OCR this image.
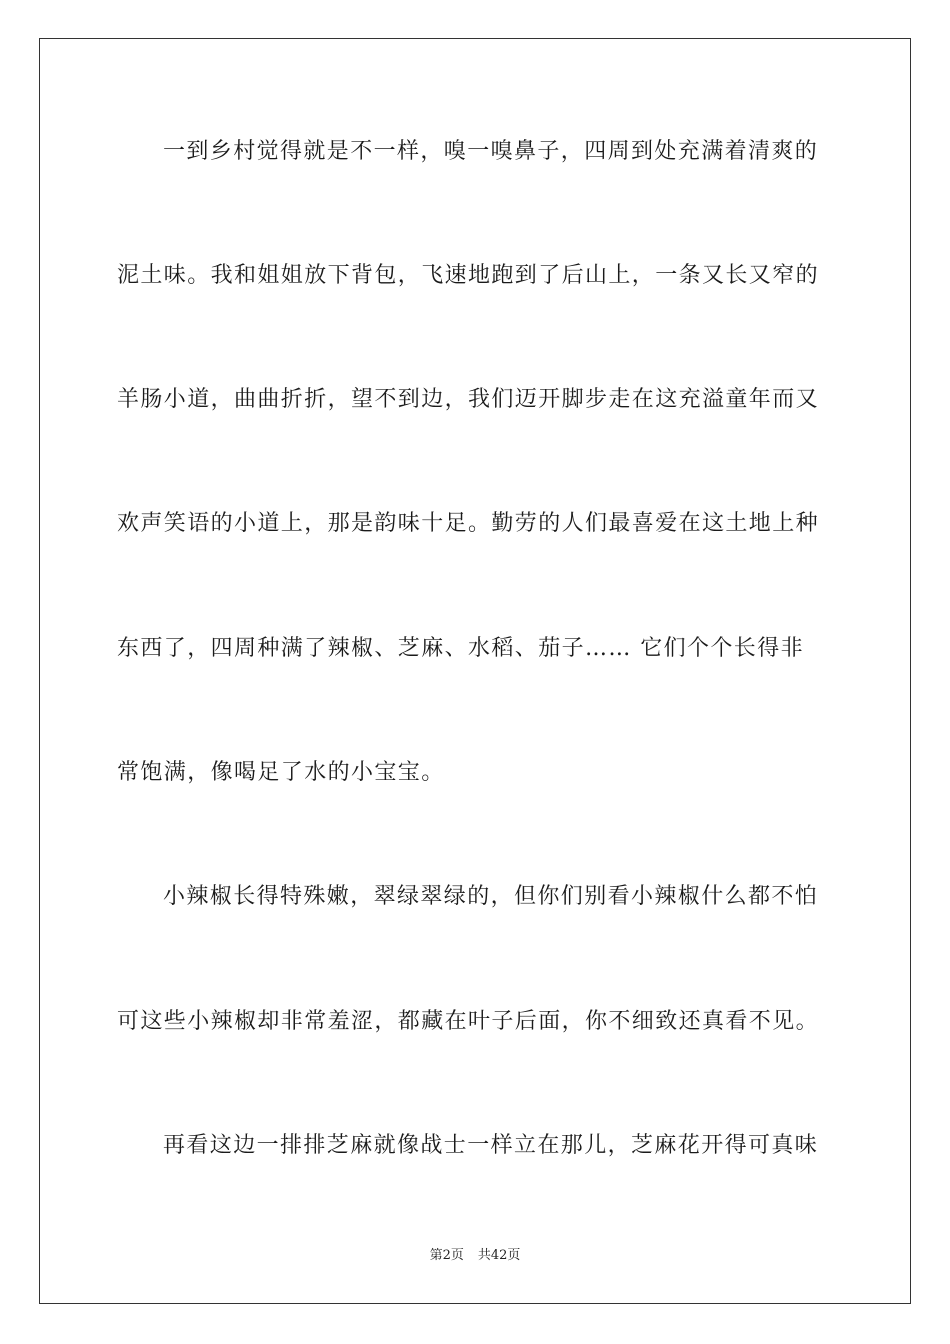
一到乡村觉得就是不一样，嗅一嗅鼻子，四周到处充满着清爽的
泥土味。我和姐姐放下背包，飞速地跑到了后山上，一条又长又窄的
羊肠小道，曲曲折折，望不到边，我们迈开脚步走在这充溢童年而又
欢声笑语的小道上，那是韵味十足。勤劳的人们最喜爱在这土地上种
东西了，四周种满了辣椒、芝麻、水稻、茄子…… 它们个个长得非
常饱满，像喝足了水的小宝宝。
小辣椒长得特殊嫩，翠绿翠绿的，但你们别看小辣椒什么都不怕
可这些小辣椒却非常羞涩，都藏在叶子后面，你不细致还真看不见。
再看这边一排排芝麻就像战士一样立在那儿，芝麻花开得可真味
第2页 共42页
